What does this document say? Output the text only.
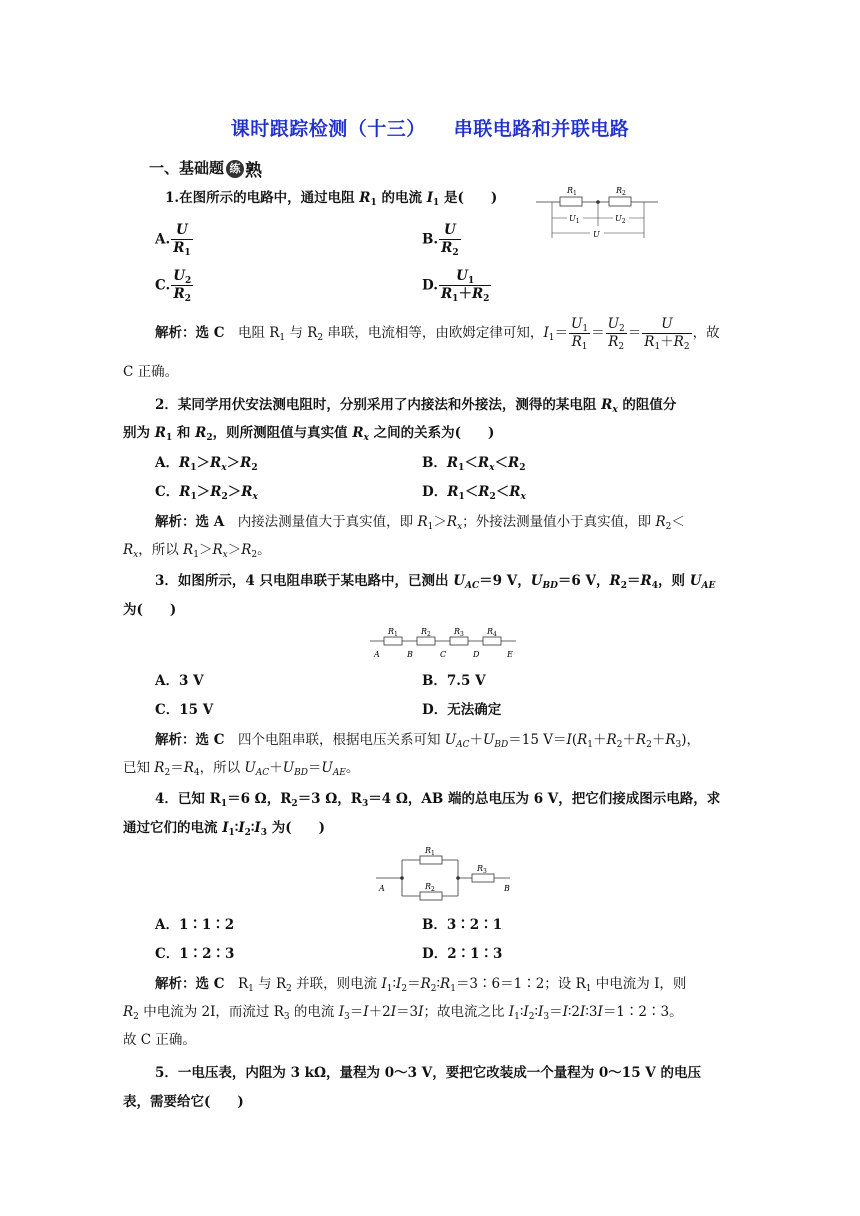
课时跟踪检测（十三） 串联电路和并联电路
一、基础题 练 熟
1.在图所示的电路中，通过电阻 $R_1$ 的电流 $I_1$ 是(　　)	$R_1$	$R_2$
$U_1$	$U_2$
U
A. $\frac{U}{R_1}$	B. $\frac{U}{R_2}$
C. $\frac{U_2}{R_2}$	D. $\frac{U_1}{R_1+R_2}$
解析：选 C　 电阻 $R_1$ 与 $R_2$ 串联，电流相等，由欧姆定律可知，$I_1= \frac{U_1}{R_1} = \frac{U_2}{R_2} = \frac{U}{R_1+R_2}$ ，故
C 正确。
2．某同学用伏安法测电阻时，分别采用了内接法和外接法，测得的某电阻 $R_x$ 的阻值分
别为 $R_1$ 和 $R_2$，则所测阻值与真实值 $R_x$ 之间的关系为(　　)
A．$R_1>R_x>R_2$	B．$R_1<R_x<R_2$
C．$R_1>R_2>R_x$	D．$R_1<R_2<R_x$
解析：选 A　 内接法测量值大于真实值，即 $R_1>R_x$；外接法测量值小于真实值，即 $R_2<$
$R_x$，所以 $R_1>R_x>R_2$。
3．如图所示，4 只电阻串联于某电路中，已测出 $U_{AC}=9$ V，$U_{BD}=6$ V，$R_2=R_4$，则 $U_{AE}$
为(　　)
$R_1$	$R_2$	$R_3$	$R_4$
A	B	C	D	E
A．3 V	B．7.5 V
C．15 V	D．无法确定
解析：选 C　 四个电阻串联，根据电压关系可知 $U_{AC}+U_{BD}=15$ $V=I(R_1+R_2+R_2+R_3)$，
已知 $R_2=R_4$，所以 $U_{AC}+U_{BD}=U_{AE}$。
4．已知 $R_1=6$ Ω，$R_2=3$ Ω，$R_3=4$ Ω，AB 端的总电压为 6 V，把它们接成图示电路，求
通过它们的电流 $I_1∶I_2∶I_3$ 为(　　)
$R_1$
$R_2$
$R_3$
A	B
A．1∶1∶2	B．3∶2∶1
C．1∶2∶3	D．2∶1∶3
解析：选 C　 $R_1$ 与 $R_2$ 并联，则电流 $I_1∶I_2=R_2∶R_1=3∶6=1∶2$；设 $R_1$ 中电流为 I，则
$R_2$ 中电流为 2I，而流过 $R_3$ 的电流 $I_3=I+2I=3I$；故电流之比 $I_1∶I_2∶I_3=I∶2I∶3I=1∶2∶3$。
故 C 正确。
5．一电压表，内阻为 3 kΩ，量程为 0～3 V，要把它改装成一个量程为 0～15 V 的电压
表，需要给它(　　)
